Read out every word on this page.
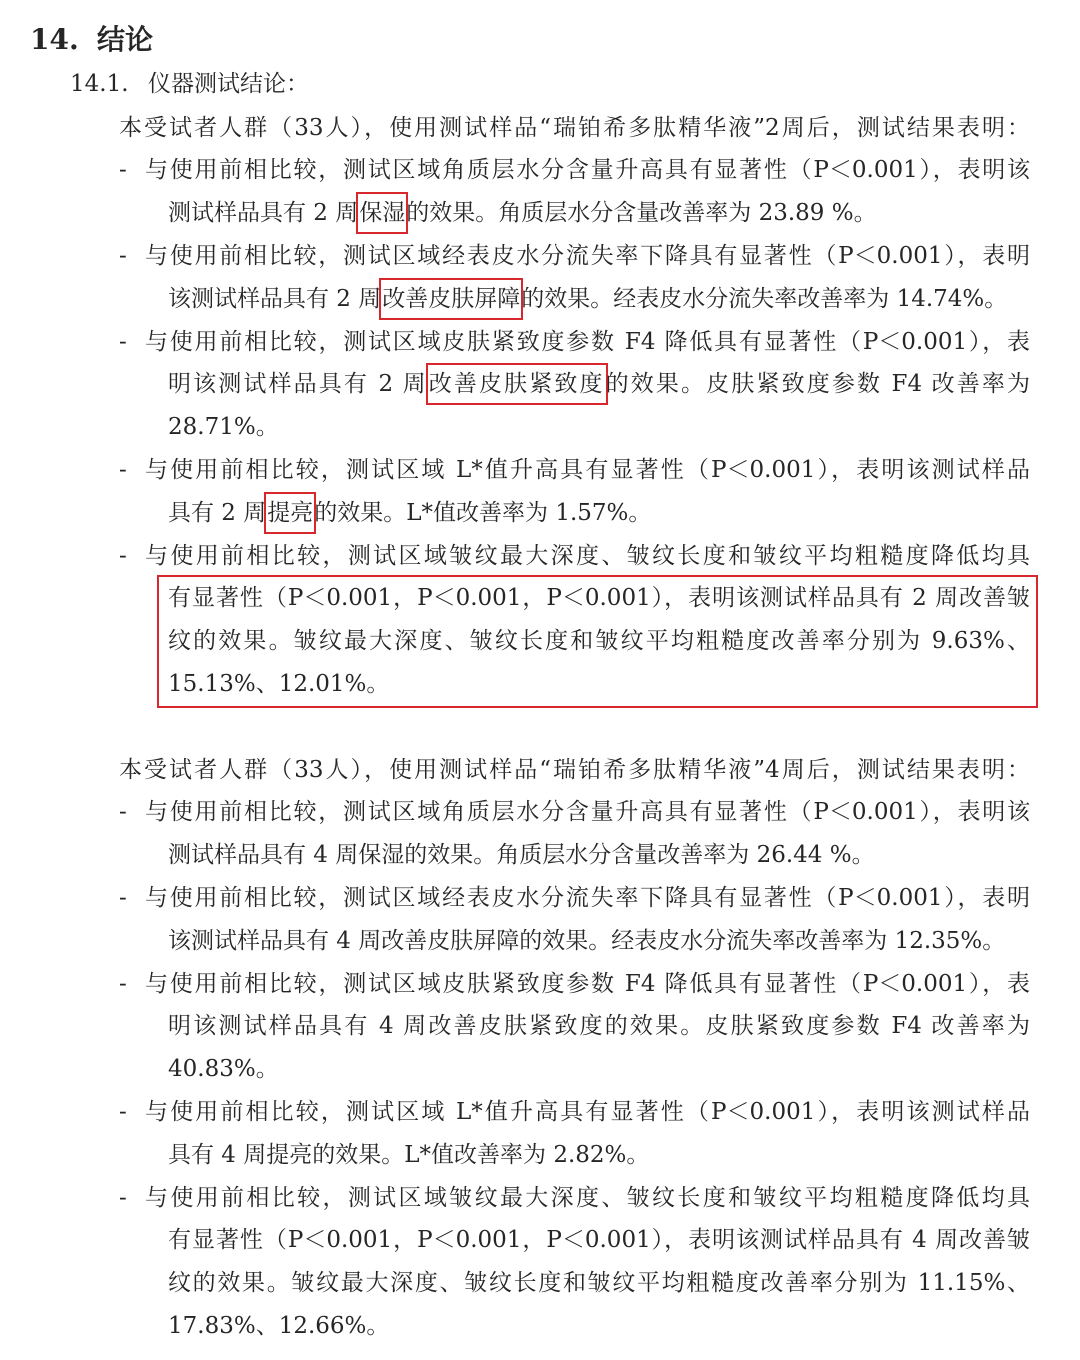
14. 结论
14.1. 仪器测试结论：
本受试者人群（33人），使用测试样品“瑞铂希多肽精华液”2周后，测试结果表明：
- 与使用前相比较，测试区域角质层水分含量升高具有显著性（P＜0.001），表明该
测试样品具有 2 周保湿的效果。角质层水分含量改善率为 23.89 %。
- 与使用前相比较，测试区域经表皮水分流失率下降具有显著性（P＜0.001），表明
该测试样品具有 2 周改善皮肤屏障的效果。经表皮水分流失率改善率为 14.74%。
- 与使用前相比较，测试区域皮肤紧致度参数 F4 降低具有显著性（P＜0.001），表
明该测试样品具有 2 周改善皮肤紧致度的效果。皮肤紧致度参数 F4 改善率为
28.71%。
- 与使用前相比较，测试区域 L*值升高具有显著性（P＜0.001），表明该测试样品
具有 2 周提亮的效果。L*值改善率为 1.57%。
- 与使用前相比较，测试区域皱纹最大深度、皱纹长度和皱纹平均粗糙度降低均具
有显著性（P＜0.001，P＜0.001，P＜0.001），表明该测试样品具有 2 周改善皱
纹的效果。皱纹最大深度、皱纹长度和皱纹平均粗糙度改善率分别为 9.63%、
15.13%、12.01%。
本受试者人群（33人），使用测试样品“瑞铂希多肽精华液”4周后，测试结果表明：
- 与使用前相比较，测试区域角质层水分含量升高具有显著性（P＜0.001），表明该
测试样品具有 4 周保湿的效果。角质层水分含量改善率为 26.44 %。
- 与使用前相比较，测试区域经表皮水分流失率下降具有显著性（P＜0.001），表明
该测试样品具有 4 周改善皮肤屏障的效果。经表皮水分流失率改善率为 12.35%。
- 与使用前相比较，测试区域皮肤紧致度参数 F4 降低具有显著性（P＜0.001），表
明该测试样品具有 4 周改善皮肤紧致度的效果。皮肤紧致度参数 F4 改善率为
40.83%。
- 与使用前相比较，测试区域 L*值升高具有显著性（P＜0.001），表明该测试样品
具有 4 周提亮的效果。L*值改善率为 2.82%。
- 与使用前相比较，测试区域皱纹最大深度、皱纹长度和皱纹平均粗糙度降低均具
有显著性（P＜0.001，P＜0.001，P＜0.001），表明该测试样品具有 4 周改善皱
纹的效果。皱纹最大深度、皱纹长度和皱纹平均粗糙度改善率分别为 11.15%、
17.83%、12.66%。
